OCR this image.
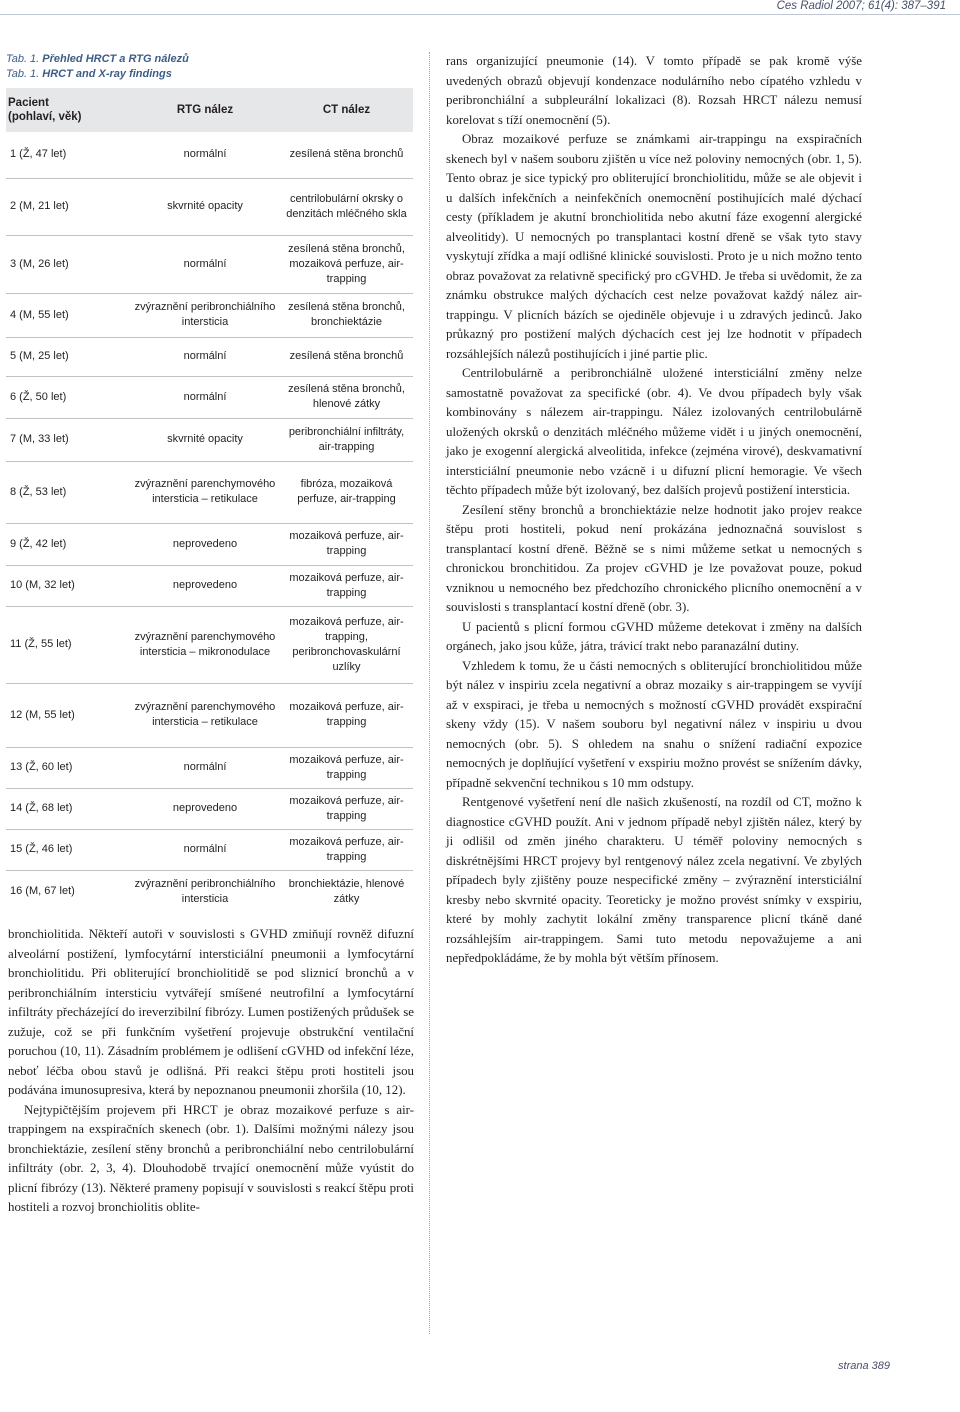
Ces Radiol 2007; 61(4): 387–391
Tab. 1. Přehled HRCT a RTG nálezů
Tab. 1. HRCT and X-ray findings
Pacient
(pohlaví, věk)	RTG nález	CT nález
1 (Ž, 47 let)	normální	zesílená stěna bronchů
2 (M, 21 let)	skvrnité opacity	centrilobulární okrsky o denzitách mléčného skla
3 (M, 26 let)	normální	zesílená stěna bronchů, mozaiková perfuze, air-trapping
4 (M, 55 let)	zvýraznění peribronchiálního intersticia	zesílená stěna bronchů, bronchiektázie
5 (M, 25 let)	normální	zesílená stěna bronchů
6 (Ž, 50 let)	normální	zesílená stěna bronchů, hlenové zátky
7 (M, 33 let)	skvrnité opacity	peribronchiální infiltráty, air-trapping
8 (Ž, 53 let)	zvýraznění parenchymového intersticia – retikulace	fibróza, mozaiková perfuze, air-trapping
9 (Ž, 42 let)	neprovedeno	mozaiková perfuze, air-trapping
10 (M, 32 let)	neprovedeno	mozaiková perfuze, air-trapping
11 (Ž, 55 let)	zvýraznění parenchymového intersticia – mikronodulace	mozaiková perfuze, air-trapping, peribronchovaskulární uzlíky
12 (M, 55 let)	zvýraznění parenchymového intersticia – retikulace	mozaiková perfuze, air-trapping
13 (Ž, 60 let)	normální	mozaiková perfuze, air-trapping
14 (Ž, 68 let)	neprovedeno	mozaiková perfuze, air-trapping
15 (Ž, 46 let)	normální	mozaiková perfuze, air-trapping
16 (M, 67 let)	zvýraznění peribronchiálního intersticia	bronchiektázie, hlenové zátky

bronchiolitida. Někteří autoři v souvislosti s GVHD zmiňují rovněž difuzní alveolární postižení, lymfocytární intersticiální pneumonii a lymfocytární bronchiolitidu. Při obliterující bronchiolitidě se pod sliznicí bronchů a v peribronchiálním intersticiu vytvářejí smíšené neutrofilní a lymfocytární infiltráty přecházející do ireverzibilní fibrózy. Lumen postižených průdušek se zužuje, což se při funkčním vyšetření projevuje obstrukční ventilační poruchou (10, 11). Zásadním problémem je odlišení cGVHD od infekční léze, neboť léčba obou stavů je odlišná. Při reakci štěpu proti hostiteli jsou podávána imunosupresiva, která by nepoznanou pneumonii zhoršila (10, 12).

Nejtypičtějším projevem při HRCT je obraz mozaikové perfuze s air-trappingem na exspiračních skenech (obr. 1). Dalšími možnými nálezy jsou bronchiektázie, zesílení stěny bronchů a peribronchiální nebo centrilobulární infiltráty (obr. 2, 3, 4). Dlouhodobě trvající onemocnění může vyústit do plicní fibrózy (13). Některé prameny popisují v souvislosti s reakcí štěpu proti hostiteli a rozvoj bronchiolitis oblite-

rans organizující pneumonie (14). V tomto případě se pak kromě výše uvedených obrazů objevují kondenzace nodulárního nebo cípatého vzhledu v peribronchiální a subpleurální lokalizaci (8). Rozsah HRCT nálezu nemusí korelovat s tíží onemocnění (5).

Obraz mozaikové perfuze se známkami air-trappingu na exspiračních skenech byl v našem souboru zjištěn u více než poloviny nemocných (obr. 1, 5). Tento obraz je sice typický pro obliterující bronchiolitidu, může se ale objevit i u dalších infekčních a neinfekčních onemocnění postihujících malé dýchací cesty (příkladem je akutní bronchiolitida nebo akutní fáze exogenní alergické alveolitidy). U nemocných po transplantaci kostní dřeně se však tyto stavy vyskytují zřídka a mají odlišné klinické souvislosti. Proto je u nich možno tento obraz považovat za relativně specifický pro cGVHD. Je třeba si uvědomit, že za známku obstrukce malých dýchacích cest nelze považovat každý nález air-trappingu. V plicních bázích se ojediněle objevuje i u zdravých jedinců. Jako průkazný pro postižení malých dýchacích cest jej lze hodnotit v případech rozsáhlejších nálezů postihujících i jiné partie plic.

Centrilobulárně a peribronchiálně uložené intersticiální změny nelze samostatně považovat za specifické (obr. 4). Ve dvou případech byly však kombinovány s nálezem air-trappingu. Nález izolovaných centrilobulárně uložených okrsků o denzitách mléčného můžeme vidět i u jiných onemocnění, jako je exogenní alergická alveolitida, infekce (zejména virové), deskvamativní intersticiální pneumonie nebo vzácně i u difuzní plicní hemoragie. Ve všech těchto případech může být izolovaný, bez dalších projevů postižení intersticia.

Zesílení stěny bronchů a bronchiektázie nelze hodnotit jako projev reakce štěpu proti hostiteli, pokud není prokázána jednoznačná souvislost s transplantací kostní dřeně. Běžně se s nimi můžeme setkat u nemocných s chronickou bronchitidou. Za projev cGVHD je lze považovat pouze, pokud vzniknou u nemocného bez předchozího chronického plicního onemocnění a v souvislosti s transplantací kostní dřeně (obr. 3).

U pacientů s plicní formou cGVHD můžeme detekovat i změny na dalších orgánech, jako jsou kůže, játra, trávicí trakt nebo paranazální dutiny.

Vzhledem k tomu, že u části nemocných s obliterující bronchiolitidou může být nález v inspiriu zcela negativní a obraz mozaiky s air-trappingem se vyvíjí až v exspiraci, je třeba u nemocných s možností cGVHD provádět exspirační skeny vždy (15). V našem souboru byl negativní nález v inspiriu u dvou nemocných (obr. 5). S ohledem na snahu o snížení radiační expozice nemocných je doplňující vyšetření v exspiriu možno provést se snížením dávky, případně sekvenční technikou s 10 mm odstupy.

Rentgenové vyšetření není dle našich zkušeností, na rozdíl od CT, možno k diagnostice cGVHD použít. Ani v jednom případě nebyl zjištěn nález, který by ji odlišil od změn jiného charakteru. U téměř poloviny nemocných s diskrétnějšími HRCT projevy byl rentgenový nález zcela negativní. Ve zbylých případech byly zjištěny pouze nespecifické změny – zvýraznění intersticiální kresby nebo skvrnité opacity. Teoreticky je možno provést snímky v exspiriu, které by mohly zachytit lokální změny transparence plicní tkáně dané rozsáhlejším air-trappingem. Sami tuto metodu nepovažujeme a ani nepředpokládáme, že by mohla být větším přínosem.

strana 389
